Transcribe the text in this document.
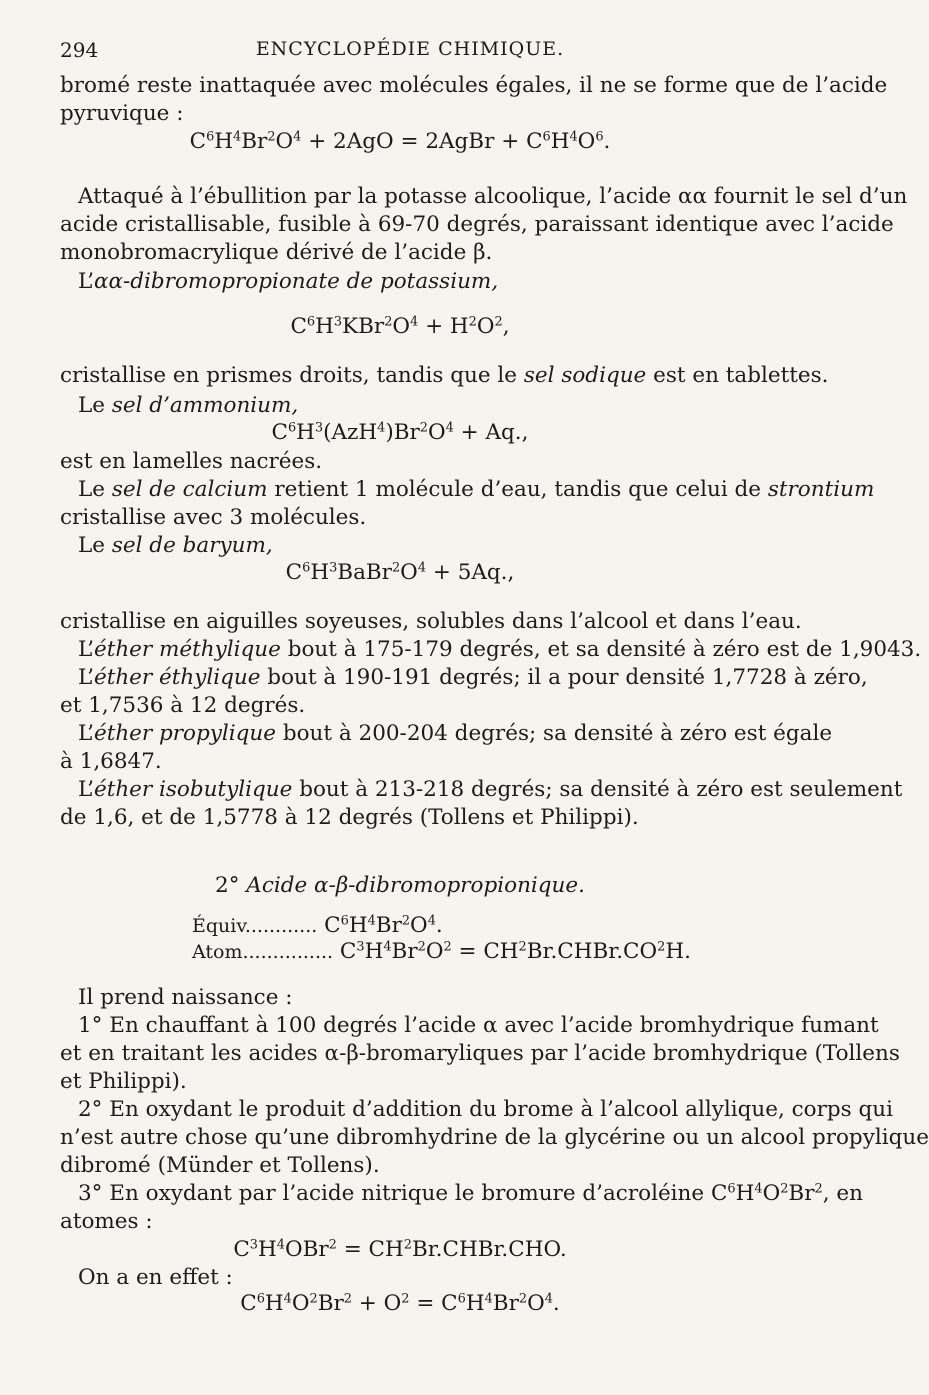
294	ENCYCLOPÉDIE CHIMIQUE.
bromé reste inattaquée avec molécules égales, il ne se forme que de l’acide
pyruvique :
$C^6H^4Br^2O^4 + 2AgO$ = 2AgBr + $C^6H^4O^6$.
Attaqué à l’ébullition par la potasse alcoolique, l’acide αα fournit le sel d’un
acide cristallisable, fusible à 69-70 degrés, paraissant identique avec l’acide
monobromacrylique dérivé de l’acide β.
L’αα-dibromopropionate de potassium,
$C^6H^3KBr^2O^4 + H^2O^2$,
cristallise en prismes droits, tandis que le sel sodique est en tablettes.
Le sel d’ammonium,
$C^6H^3(AzH^4)Br^2O^4 + Aq$.,
est en lamelles nacrées.
Le sel de calcium retient 1 molécule d’eau, tandis que celui de strontium
cristallise avec 3 molécules.
Le sel de baryum,
$C^6H^3BaBr^2O^4 + 5Aq$.,
cristallise en aiguilles soyeuses, solubles dans l’alcool et dans l’eau.
L’éther méthylique bout à 175-179 degrés, et sa densité à zéro est de 1,9043.
L’éther éthylique bout à 190-191 degrés; il a pour densité 1,7728 à zéro,
et 1,7536 à 12 degrés.
L’éther propylique bout à 200-204 degrés; sa densité à zéro est égale
à 1,6847.
L’éther isobutylique bout à 213-218 degrés; sa densité à zéro est seulement
de 1,6, et de 1,5778 à 12 degrés (Tollens et Philippi).
2° Acide α-β-dibromopropionique.
Équiv............ $C^6H^4Br^2O^4$.
Atom............... $C^3H^4Br^2O^2$ = $CH^2Br.CHBr.CO^2H$.
Il prend naissance :
1° En chauffant à 100 degrés l’acide α avec l’acide bromhydrique fumant
et en traitant les acides α-β-bromaryliques par l’acide bromhydrique (Tollens
et Philippi).
2° En oxydant le produit d’addition du brome à l’alcool allylique, corps qui
n’est autre chose qu’une dibromhydrine de la glycérine ou un alcool propylique
dibromé (Münder et Tollens).
3° En oxydant par l’acide nitrique le bromure d’acroléine $C^6H^4O^2Br^2$, en
atomes :
$C^3H^4OBr^2$ = $CH^2Br.CHBr.CHO$.
On a en effet :
$C^6H^4O^2Br^2 + O^2 = C^6H^4Br^2O^4$.
